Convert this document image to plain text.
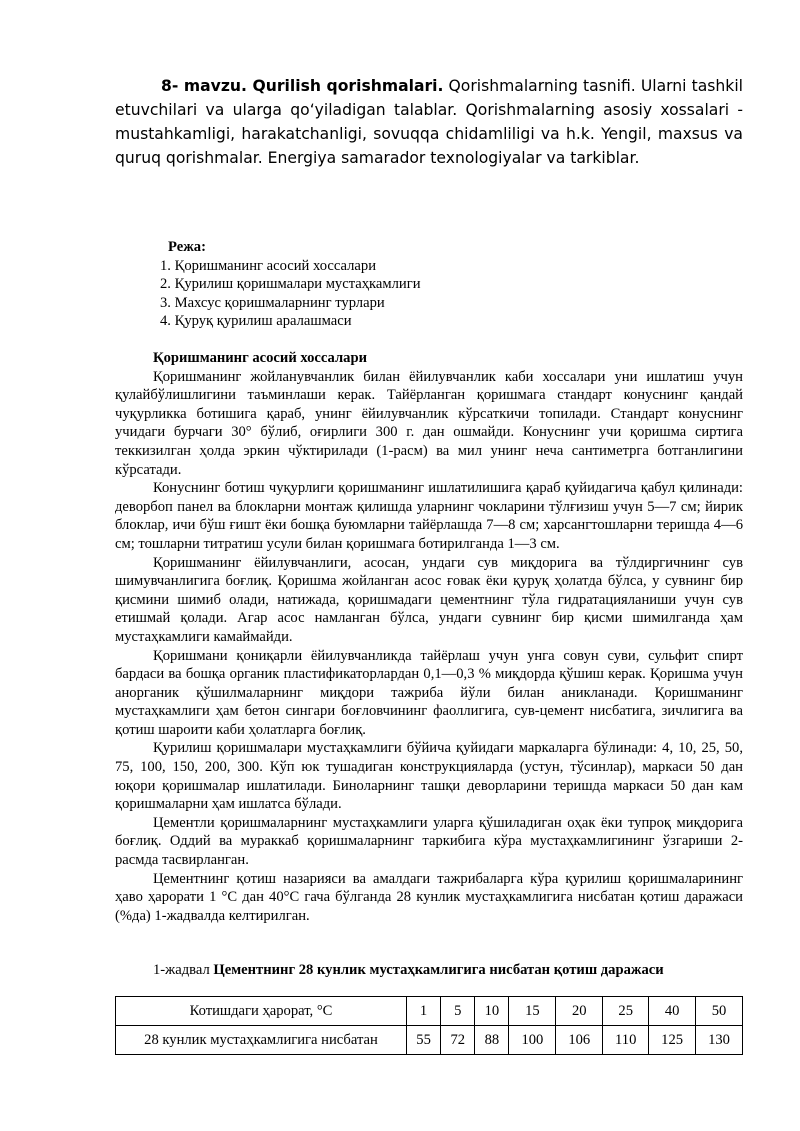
8- mavzu. Qurilish qorishmalari. Qorishmalarning tasnifi. Ularni tashkil etuvchilari va ularga qo‘yiladigan talablar. Qorishmalarning asosiy xossalari - mustahkamligi, harakatchanligi, sovuqqa chidamliligi va h.k. Yengil, maxsus va quruq qorishmalar. Energiya samarador texnologiyalar va tarkiblar.

Режа:

1. Қоришманинг асосий хоссалари
2. Қурилиш қоришмалари мустаҳкамлиги
3. Махсус қоришмаларнинг турлари
4. Қуруқ қурилиш аралашмаси
Қоришманинг асосий хоссалари

Қоришманинг жойланувчанлик билан ёйилувчанлик каби хоссалари уни ишлатиш учун қулайбўлишлигини таъминлаши керак. Тайёрланган қоришмага стандарт конуснинг қандай чуқурликка ботишига қараб, унинг ёйилувчанлик кўрсаткичи топилади. Стандарт конуснинг учидаги бурчаги 30° бўлиб, оғирлиги 300 г. дан ошмайди. Конуснинг учи қоришма сиртига теккизилган ҳолда эркин чўктирилади (1-расм) ва мил унинг неча сантиметрга ботганлигини кўрсатади.

Конуснинг ботиш чуқурлиги қоришманинг ишлатилишига қараб қуйидагича қабул қилинади: деворбоп панел ва блокларни монтаж қилишда уларнинг чокларини тўлғизиш учун 5—7 см; йирик блоклар, ичи бўш ғишт ёки бошқа буюмларни тайёрлашда 7—8 см; харсангтошларни теришда 4—6 см; тошларни титратиш усули билан қоришмага ботирилганда 1—3 см.

Қоришманинг ёйилувчанлиги, асосан, ундаги сув миқдорига ва тўлдиргичнинг сув шимувчанлигига боғлиқ. Қоришма жойланган асос ғовак ёки қуруқ ҳолатда бўлса, у сувнинг бир қисмини шимиб олади, натижада, қоришмадаги цементнинг тўла гидратацияланиши учун сув етишмай қолади. Агар асос намланган бўлса, ундаги сувнинг бир қисми шимилганда ҳам мустаҳкамлиги камаймайди.

Қоришмани қониқарли ёйилувчанликда тайёрлаш учун унга совун суви, сульфит спирт бардаси ва бошқа органик пластификаторлардан 0,1—0,3 % миқдорда қўшиш керак. Қоришма учун анорганик қўшилмаларнинг миқдори тажриба йўли билан аникланади. Қоришманинг мустаҳкамлиги ҳам бетон сингари боғловчининг фаоллигига, сув-цемент нисбатига, зичлигига ва қотиш шароити каби ҳолатларга боғлиқ.

Қурилиш қоришмалари мустаҳкамлиги бўйича қуйидаги маркаларга бўлинади: 4, 10, 25, 50, 75, 100, 150, 200, 300. Кўп юк тушадиган конструкцияларда (устун, тўсинлар), маркаси 50 дан юқори қоришмалар ишлатилади. Бинoларнинг ташқи деворларини теришда маркаси 50 дан кам қоришмаларни ҳам ишлатса бўлади.

Цементли қоришмаларнинг мустаҳкамлиги уларга қўшиладиган оҳак ёки тупроқ миқдорига боғлиқ. Оддий ва мураккаб қоришмаларнинг таркибига кўра мустаҳкамлигининг ўзгариши 2-расмда тасвирланган.

Цементнинг қотиш назарияси ва амалдаги тажрибаларга кўра қурилиш қоришмаларининг ҳаво ҳарорати 1 °С дан 40°С гача бўлганда 28 кунлик мустаҳкамлигига нисбатан қотиш даражаси (%да) 1-жадвалда келтирилган.

1-жадвал Цементнинг 28 кунлик мустаҳкамлигига нисбатан қотиш даражаси
Котишдаги ҳарорат, °С	1	5	10	15	20	25	40	50
28 кунлик мустаҳкамлигига нисбатан	55	72	88	100	106	110	125	130
